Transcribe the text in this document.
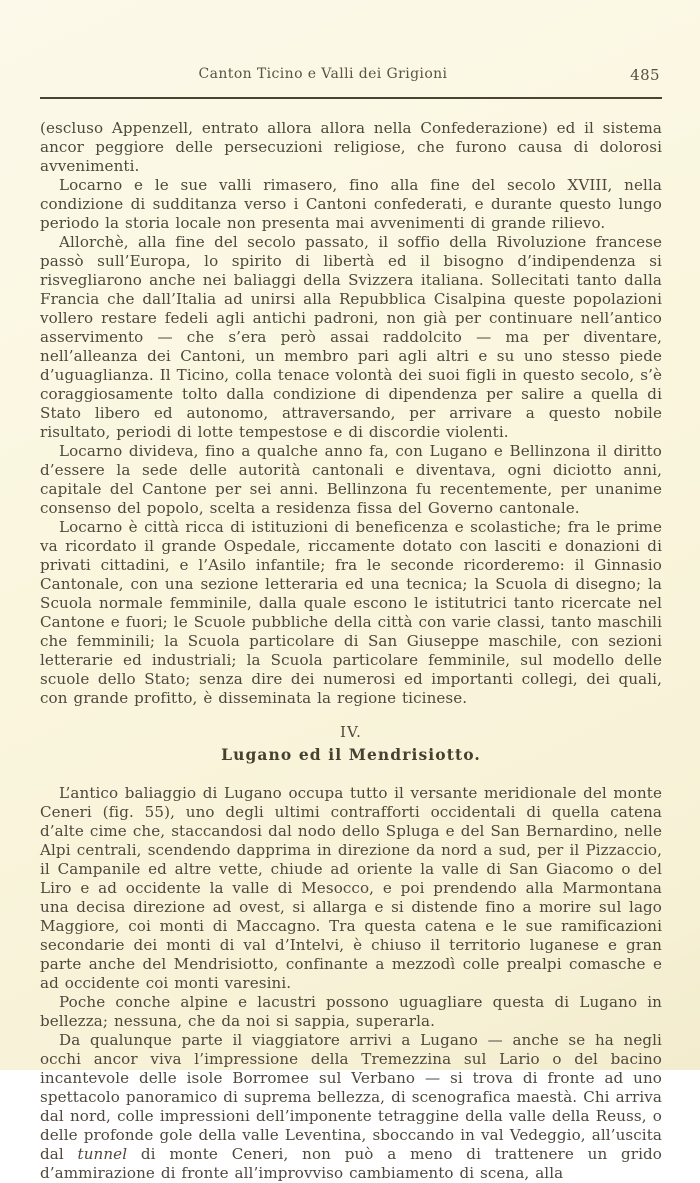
Canton Ticino e Valli dei Grigioni	485

(escluso Appenzell, entrato allora allora nella Confederazione) ed il sistema ancor peggiore delle persecuzioni religiose, che furono causa di dolorosi avvenimenti.

Locarno e le sue valli rimasero, fino alla fine del secolo XVIII, nella condizione di sudditanza verso i Cantoni confederati, e durante questo lungo periodo la storia locale non presenta mai avvenimenti di grande rilievo.

Allorchè, alla fine del secolo passato, il soffio della Rivoluzione francese passò sull’Europa, lo spirito di libertà ed il bisogno d’indipendenza si risvegliarono anche nei baliaggi della Svizzera italiana. Sollecitati tanto dalla Francia che dall’Italia ad unirsi alla Repubblica Cisalpina queste popolazioni vollero restare fedeli agli antichi padroni, non già per continuare nell’antico asservimento — che s’era però assai raddolcito — ma per diventare, nell’alleanza dei Cantoni, un membro pari agli altri e su uno stesso piede d’uguaglianza. Il Ticino, colla tenace volontà dei suoi figli in questo secolo, s’è coraggiosamente tolto dalla condizione di dipendenza per salire a quella di Stato libero ed autonomo, attraversando, per arrivare a questo nobile risultato, periodi di lotte tempestose e di discordie violenti.

Locarno divideva, fino a qualche anno fa, con Lugano e Bellinzona il diritto d’essere la sede delle autorità cantonali e diventava, ogni diciotto anni, capitale del Cantone per sei anni. Bellinzona fu recentemente, per unanime consenso del popolo, scelta a residenza fissa del Governo cantonale.

Locarno è città ricca di istituzioni di beneficenza e scolastiche; fra le prime va ricordato il grande Ospedale, riccamente dotato con lasciti e donazioni di privati cittadini, e l’Asilo infantile; fra le seconde ricorderemo: il Ginnasio Cantonale, con una sezione letteraria ed una tecnica; la Scuola di disegno; la Scuola normale femminile, dalla quale escono le istitutrici tanto ricercate nel Cantone e fuori; le Scuole pubbliche della città con varie classi, tanto maschili che femminili; la Scuola particolare di San Giuseppe maschile, con sezioni letterarie ed industriali; la Scuola particolare femminile, sul modello delle scuole dello Stato; senza dire dei numerosi ed importanti collegi, dei quali, con grande profitto, è disseminata la regione ticinese.

IV.
Lugano ed il Mendrisiotto.

L’antico baliaggio di Lugano occupa tutto il versante meridionale del monte Ceneri (fig. 55), uno degli ultimi contrafforti occidentali di quella catena d’alte cime che, staccandosi dal nodo dello Spluga e del San Bernardino, nelle Alpi centrali, scendendo dapprima in direzione da nord a sud, per il Pizzaccio, il Campanile ed altre vette, chiude ad oriente la valle di San Giacomo o del Liro e ad occidente la valle di Mesocco, e poi prendendo alla Marmontana una decisa direzione ad ovest, si allarga e si distende fino a morire sul lago Maggiore, coi monti di Maccagno. Tra questa catena e le sue ramificazioni secondarie dei monti di val d’Intelvi, è chiuso il territorio luganese e gran parte anche del Mendrisiotto, confinante a mezzodì colle prealpi comasche e ad occidente coi monti varesini.

Poche conche alpine e lacustri possono uguagliare questa di Lugano in bellezza; nessuna, che da noi si sappia, superarla.

Da qualunque parte il viaggiatore arrivi a Lugano — anche se ha negli occhi ancor viva l’impressione della Tremezzina sul Lario o del bacino incantevole delle isole Borromee sul Verbano — si trova di fronte ad uno spettacolo panoramico di suprema bellezza, di scenografica maestà. Chi arriva dal nord, colle impressioni dell’imponente tetraggine della valle della Reuss, o delle profonde gole della valle Leventina, sboccando in val Vedeggio, all’uscita dal tunnel di monte Ceneri, non può a meno di trattenere un grido d’ammirazione di fronte all’improvviso cambiamento di scena, alla
